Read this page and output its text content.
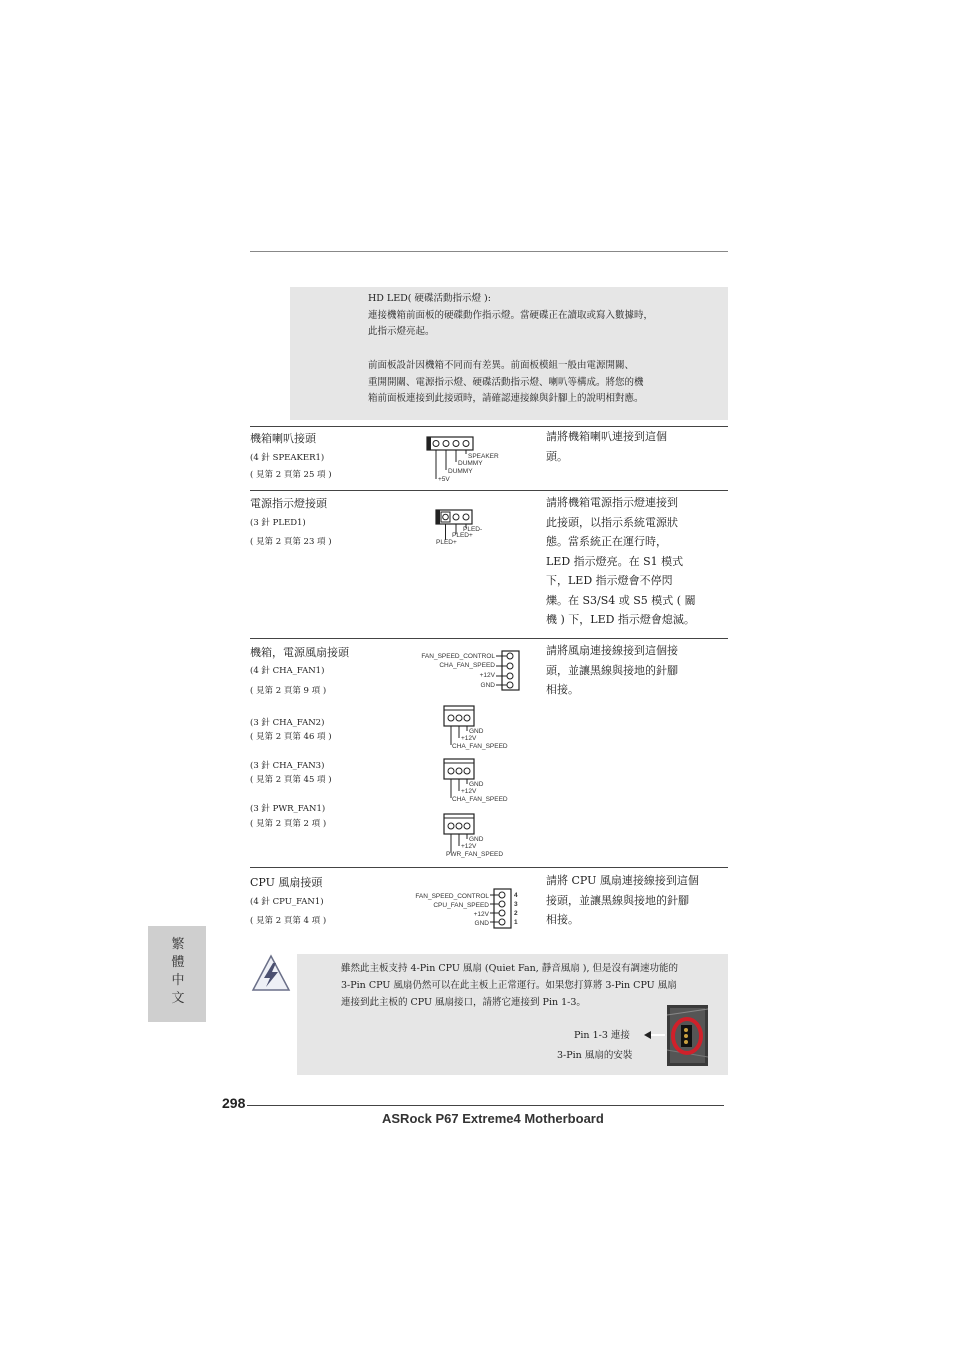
HD LED( 硬碟活動指示燈 ):
連接機箱前面板的硬碟動作指示燈。當硬碟正在讀取或寫入數據時，
此指示燈亮起。
前面板設計因機箱不同而有差異。前面板模組一般由電源開關、
重開開關、電源指示燈、硬碟活動指示燈、喇叭等構成。將您的機
箱前面板連接到此接頭時，請確認連接線與針腳上的說明相對應。
機箱喇叭接頭
(4 針 SPEAKER1)
( 見第 2 頁第 25 項 )
請將機箱喇叭連接到這個
頭。
SPEAKER
DUMMY
DUMMY
+5V
電源指示燈接頭
(3 針 PLED1)
( 見第 2 頁第 23 項 )
請將機箱電源指示燈連接到
此接頭，以指示系統電源狀
態。當系統正在運行時，
LED 指示燈亮。在 S1 模式
下，LED 指示燈會不停閃
爍。在 S3/S4 或 S5 模式 ( 關
機 ) 下，LED 指示燈會熄滅。
PLED-
PLED+
PLED+
機箱，電源風扇接頭
(4 針 CHA_FAN1)
( 見第 2 頁第 9 項 )
請將風扇連接線接到這個接
頭，並讓黑線與接地的針腳
相接。
FAN_SPEED_CONTROL
CHA_FAN_SPEED
+12V
GND
(3 針 CHA_FAN2)
( 見第 2 頁第 46 項 )
GND
+12V
CHA_FAN_SPEED
(3 針 CHA_FAN3)
( 見第 2 頁第 45 項 )	GND
+12V
CHA_FAN_SPEED
(3 針 PWR_FAN1)
( 見第 2 頁第 2 項 )
GND
+12V
PWR_FAN_SPEED
CPU 風扇接頭
(4 針 CPU_FAN1)
( 見第 2 頁第 4 項 )
請將 CPU 風扇連接線接到這個
接頭，並讓黑線與接地的針腳
相接。
FAN_SPEED_CONTROL
CPU_FAN_SPEED
+12V
GND
4
3
2
1
繁體中文
雖然此主板支持 4-Pin CPU 風扇 (Quiet Fan, 靜音風扇 ), 但是沒有調速功能的
3-Pin CPU 風扇仍然可以在此主板上正常運行。如果您打算將 3-Pin CPU 風扇
連接到此主板的 CPU 風扇接口，請將它連接到 Pin 1-3。
Pin 1-3 連接
3-Pin 風扇的安裝
298
ASRock P67 Extreme4 Motherboard
